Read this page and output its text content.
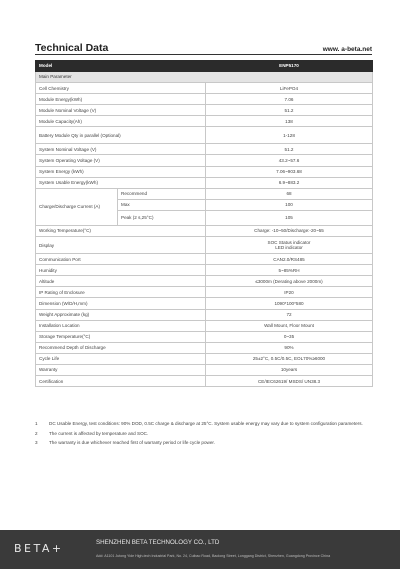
Technical Data	www. a-beta.net
Model		ENP5170
Main Parameter		
Cell Chemistry		LiFePO4
Module Energy(kWh)		7.06
Module Nominal Voltage (V)		51.2
Module Capacity(Ah)		138
Battery Module Qty in parallel (Optional)		1-128
System Nominal Voltage (V)		51.2
System Operating Voltage (V)		43.2~57.6
System Energy (kWh)		7.06~903.68
System Usable Energy(kWh)		6.9~883.2
Charge/Discharge Current (A)	Recommend	68
	Max	100
	Peak (2 s,25°C)	105
Working Temperature(°C)		Charge: -10~50/Discharge:-20~55
Display		SOC Status indicator
LED indicator

Communication Port		CAN2.0/RS485
Humidity		5~85%RH
Altitude		≤3000m (Derating above 2000m)
IP Rating of Enclosure		IP20
Dimension (W/D/H,mm)		1090*100*580
Weight Approximate (kg)		72
Installation Location		Wall Mount, Floor Mount
Storage Temperature(°C)		0~35
Recommend Depth of Discharge		90%
Cycle Life		25±2°C, 0.5C/0.5C, EOL70%≥6000
Warranty		10years
Certification		CE/IEC62619/ MSDS/ UN38.3
1 DC Usable Energy, test conditions: 90% DOD, 0.5C charge & discharge at 25°C. System usable energy may vary due to system configuration parameters.
2 The current is affected by temperature and SOC.
3 The warranty is due whichever reached first of warranty period or life cycle power.
BETA+	SHENZHEN BETA TECHNOLOGY CO., LTD
Add: A1101 Jutong Yide High-tech Industrial Park, No. 24, Cuibao Road, Baolong Street, Longgang District, Shenzhen, Guangdong Province China
